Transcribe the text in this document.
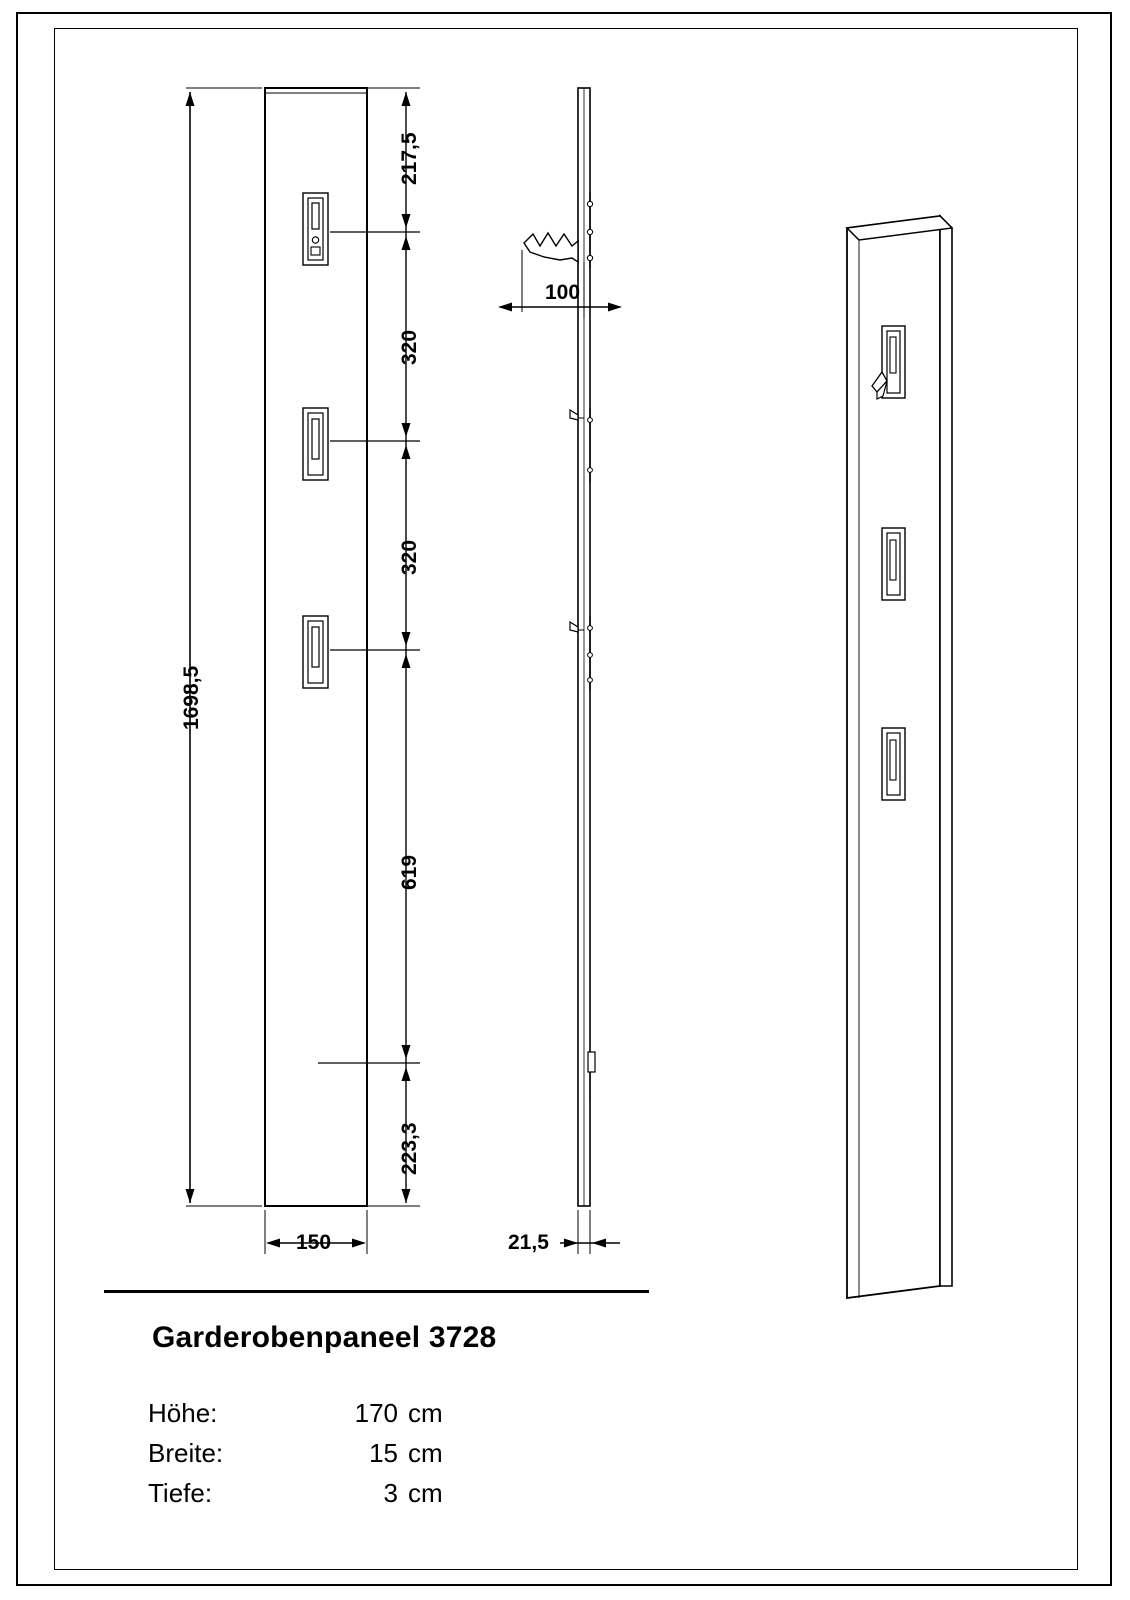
1698,5
217,5
320
320
619
223,3
150	21,5
100
Garderobenpaneel 3728
Höhe:	170 cm
Breite:	15 cm
Tiefe:	3 cm
